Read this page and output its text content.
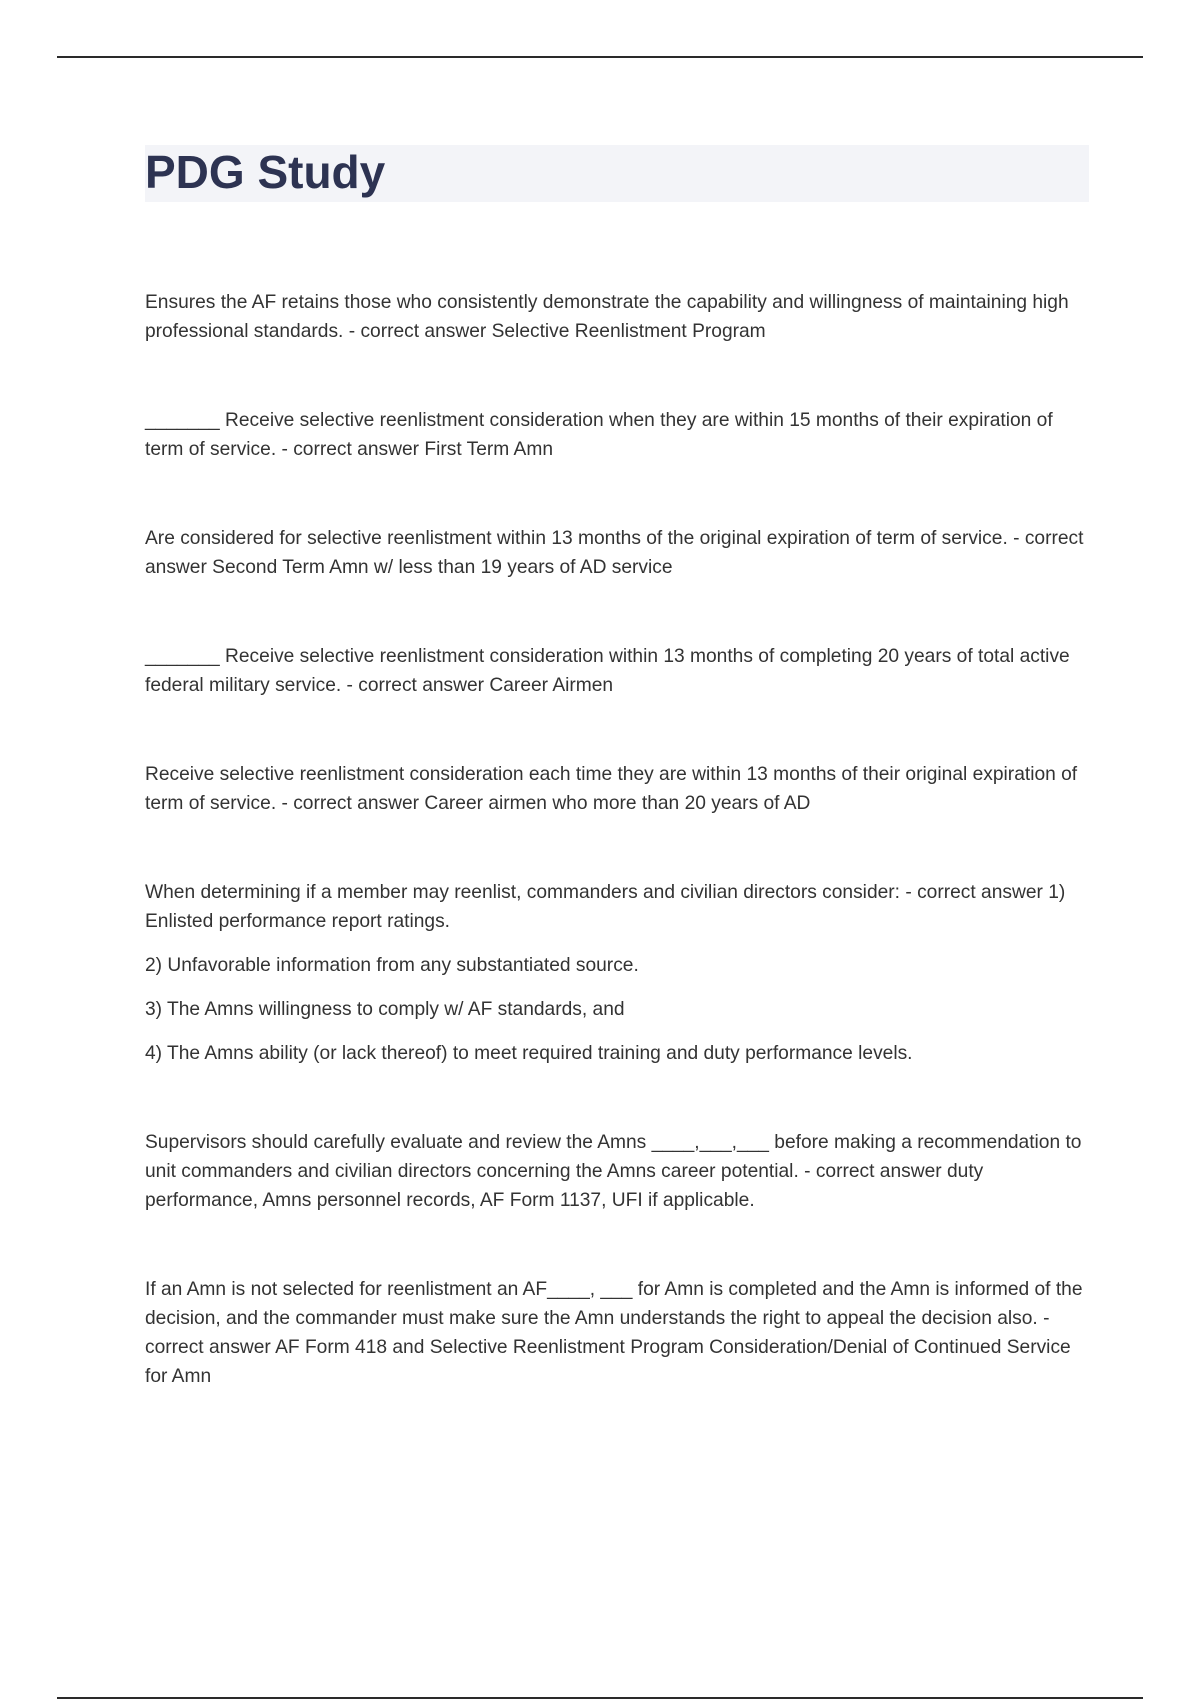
PDG Study

Ensures the AF retains those who consistently demonstrate the capability and willingness of maintaining high professional standards. - correct answer Selective Reenlistment Program

_______ Receive selective reenlistment consideration when they are within 15 months of their expiration of term of service. - correct answer First Term Amn

Are considered for selective reenlistment within 13 months of the original expiration of term of service. - correct answer Second Term Amn w/ less than 19 years of AD service

_______ Receive selective reenlistment consideration within 13 months of completing 20 years of total active federal military service. - correct answer Career Airmen

Receive selective reenlistment consideration each time they are within 13 months of their original expiration of term of service. - correct answer Career airmen who more than 20 years of AD

When determining if a member may reenlist, commanders and civilian directors consider: - correct answer 1) Enlisted performance report ratings.

2) Unfavorable information from any substantiated source.

3) The Amns willingness to comply w/ AF standards, and

4) The Amns ability (or lack thereof) to meet required training and duty performance levels.

Supervisors should carefully evaluate and review the Amns ____,___,___ before making a recommendation to unit commanders and civilian directors concerning the Amns career potential. - correct answer duty performance, Amns personnel records, AF Form 1137, UFI if applicable.

If an Amn is not selected for reenlistment an AF____, ___ for Amn is completed and the Amn is informed of the decision, and the commander must make sure the Amn understands the right to appeal the decision also. - correct answer AF Form 418 and Selective Reenlistment Program Consideration/Denial of Continued Service for Amn
